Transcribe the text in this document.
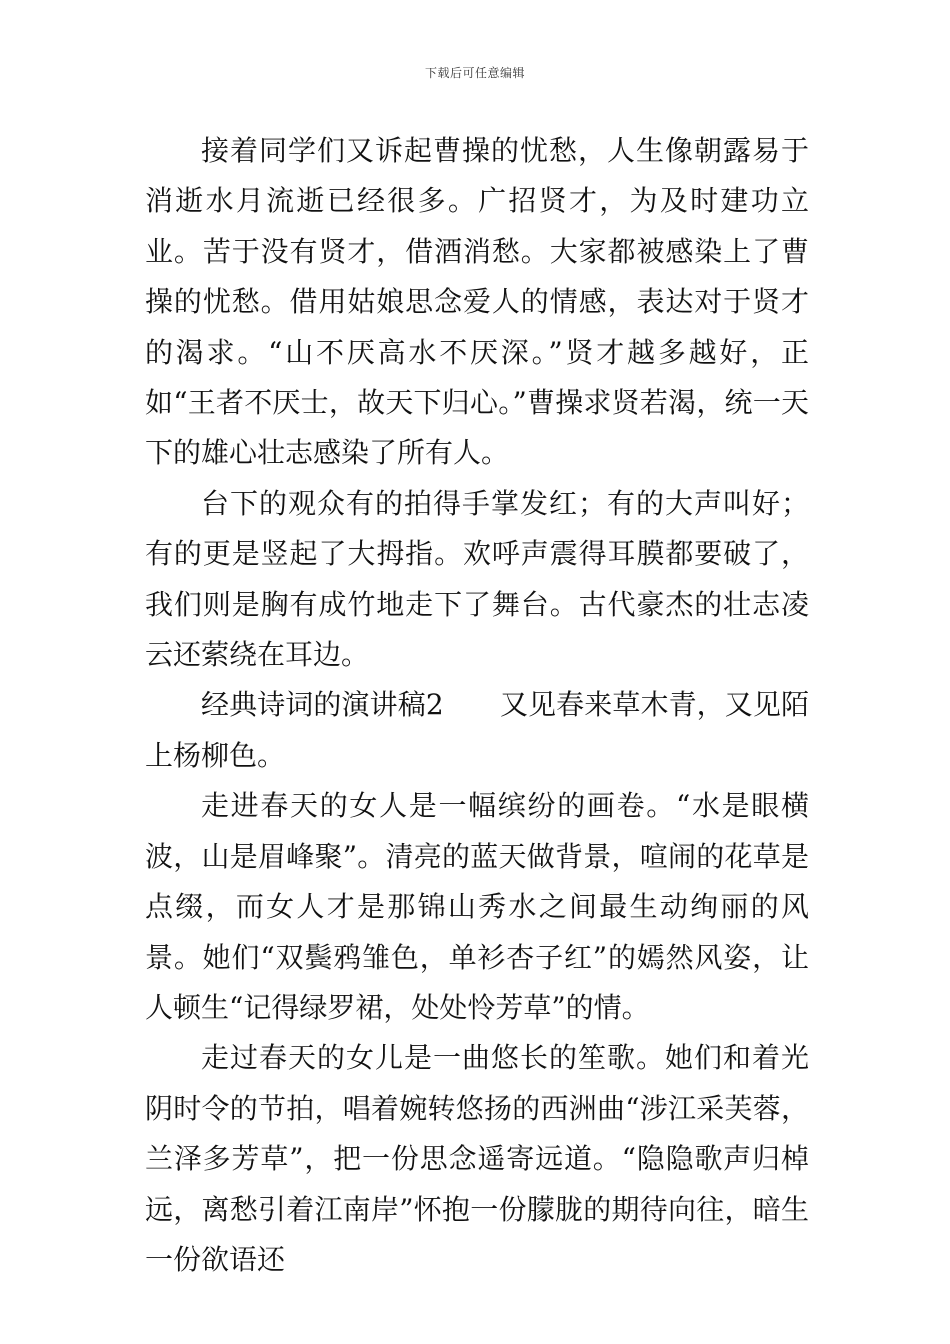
下载后可任意编辑

接着同学们又诉起曹操的忧愁，人生像朝露易于消逝水月流逝已经很多。广招贤才，为及时建功立业。苦于没有贤才，借酒消愁。大家都被感染上了曹操的忧愁。借用姑娘思念爱人的情感，表达对于贤才的渴求。“山不厌高水不厌深。”贤才越多越好，正如“王者不厌士，故天下归心。”曹操求贤若渴，统一天下的雄心壮志感染了所有人。

台下的观众有的拍得手掌发红；有的大声叫好；有的更是竖起了大拇指。欢呼声震得耳膜都要破了，我们则是胸有成竹地走下了舞台。古代豪杰的壮志凌云还萦绕在耳边。

经典诗词的演讲稿2　　又见春来草木青，又见陌上杨柳色。

走进春天的女人是一幅缤纷的画卷。“水是眼横波，山是眉峰聚”。清亮的蓝天做背景，喧闹的花草是点缀，而女人才是那锦山秀水之间最生动绚丽的风景。她们“双鬓鸦雏色，单衫杏子红”的嫣然风姿，让人顿生“记得绿罗裙，处处怜芳草”的情。

走过春天的女儿是一曲悠长的笙歌。她们和着光阴时令的节拍，唱着婉转悠扬的西洲曲“涉江采芙蓉，兰泽多芳草”，把一份思念遥寄远道。“隐隐歌声归棹远，离愁引着江南岸”怀抱一份朦胧的期待向往，暗生一份欲语还
